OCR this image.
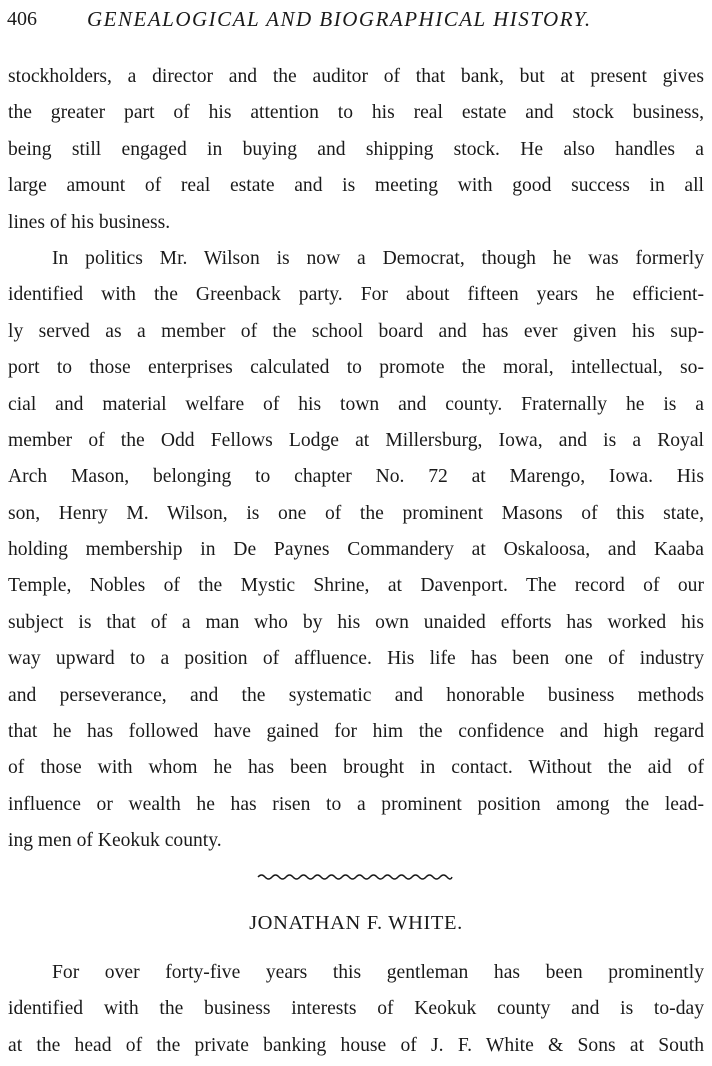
406 GENEALOGICAL AND BIOGRAPHICAL HISTORY.
stockholders, a director and the auditor of that bank, but at present gives
the greater part of his attention to his real estate and stock business,
being still engaged in buying and shipping stock. He also handles a
large amount of real estate and is meeting with good success in all
lines of his business.
In politics Mr. Wilson is now a Democrat, though he was formerly
identified with the Greenback party. For about fifteen years he efficient-
ly served as a member of the school board and has ever given his sup-
port to those enterprises calculated to promote the moral, intellectual, so-
cial and material welfare of his town and county. Fraternally he is a
member of the Odd Fellows Lodge at Millersburg, Iowa, and is a Royal
Arch Mason, belonging to chapter No. 72 at Marengo, Iowa. His
son, Henry M. Wilson, is one of the prominent Masons of this state,
holding membership in De Paynes Commandery at Oskaloosa, and Kaaba
Temple, Nobles of the Mystic Shrine, at Davenport. The record of our
subject is that of a man who by his own unaided efforts has worked his
way upward to a position of affluence. His life has been one of industry
and perseverance, and the systematic and honorable business methods
that he has followed have gained for him the confidence and high regard
of those with whom he has been brought in contact. Without the aid of
influence or wealth he has risen to a prominent position among the lead-
ing men of Keokuk county.
JONATHAN F. WHITE.
For over forty-five years this gentleman has been prominently
identified with the business interests of Keokuk county and is to-day
at the head of the private banking house of J. F. White & Sons at South
